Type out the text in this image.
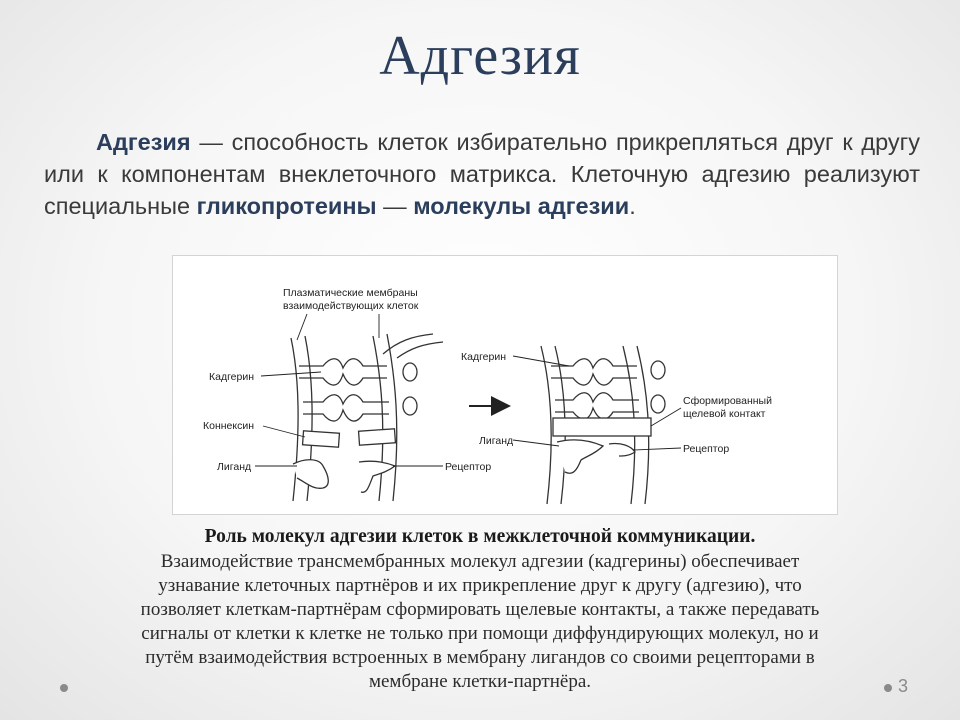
Адгезия
Адгезия — способность клеток избирательно прикрепляться друг к другу или к компонентам внеклеточного матрикса. Клеточную адгезию реализуют специальные гликопротеины — молекулы адгезии.
Плазматические мембраны
взаимодействующих клеток
Кадгерин
Коннексин
Лиганд	Рецептор
Кадгерин
Сформированный
щелевой контакт
Лиганд
Рецептор
Роль молекул адгезии клеток в межклеточной коммуникации.
Взаимодействие трансмембранных молекул адгезии (кадгерины) обеспечивает
узнавание клеточных партнёров и их прикрепление друг к другу (адгезию), что
позволяет клеткам-партнёрам сформировать щелевые контакты, а также передавать
сигналы от клетки к клетке не только при помощи диффундирующих молекул, но и
путём взаимодействия встроенных в мембрану лигандов со своими рецепторами в
мембране клетки-партнёра.	3
